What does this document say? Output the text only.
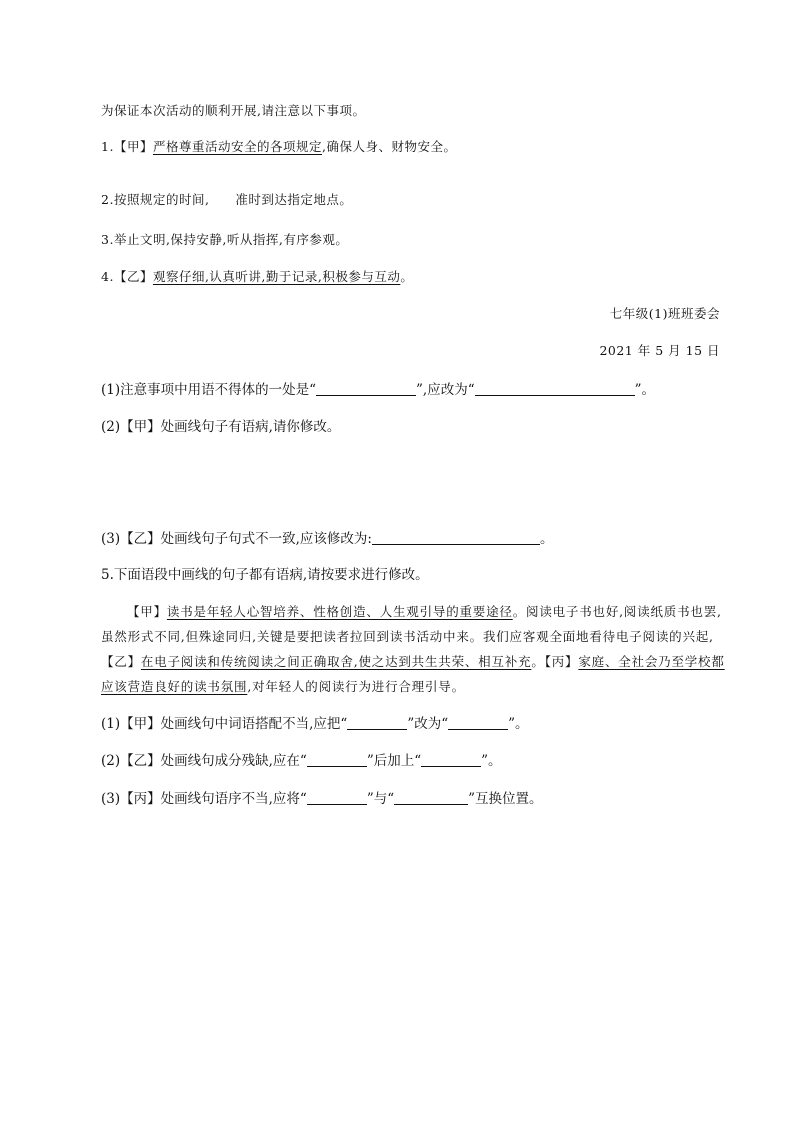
为保证本次活动的顺利开展,请注意以下事项。
1.【甲】严格尊重活动安全的各项规定,确保人身、财物安全。
2.按照规定的时间, 准时到达指定地点。
3.举止文明,保持安静,听从指挥,有序参观。
4.【乙】观察仔细,认真听讲,勤于记录,积极参与互动。
七年级(1)班班委会
2021 年 5 月 15 日
(1)注意事项中用语不得体的一处是“	”,应改为“	”。
(2)【甲】处画线句子有语病,请你修改。
(3)【乙】处画线句子句式不一致,应该修改为:	。
5.下面语段中画线的句子都有语病,请按要求进行修改。
【甲】读书是年轻人心智培养、性格创造、人生观引导的重要途径。阅读电子书也好,阅读纸质书也罢,
虽然形式不同,但殊途同归,关键是要把读者拉回到读书活动中来。我们应客观全面地看待电子阅读的兴起,
【乙】在电子阅读和传统阅读之间正确取舍,使之达到共生共荣、相互补充。【丙】家庭、全社会乃至学校都
应该营造良好的读书氛围,对年轻人的阅读行为进行合理引导。
(1)【甲】处画线句中词语搭配不当,应把“	”改为“	”。
(2)【乙】处画线句成分残缺,应在“	”后加上“	”。
(3)【丙】处画线句语序不当,应将“	”与“	”互换位置。
